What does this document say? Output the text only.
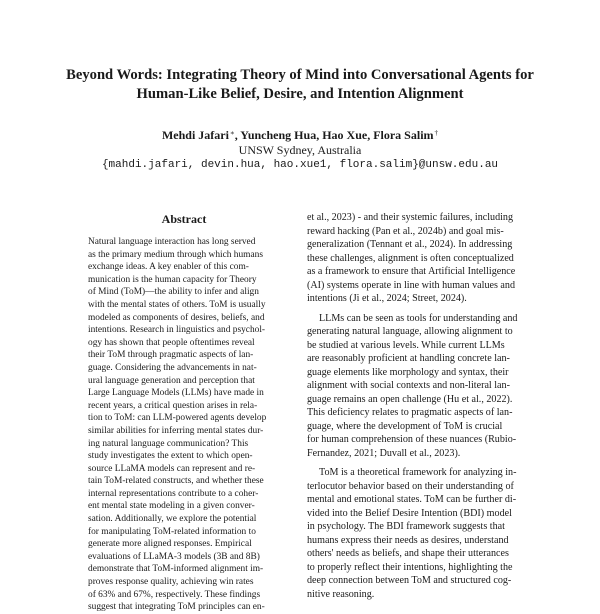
Beyond Words: Integrating Theory of Mind into Conversational Agents for
Human-Like Belief, Desire, and Intention Alignment
Mehdi Jafari∗, Yuncheng Hua, Hao Xue, Flora Salim†
UNSW Sydney, Australia
{mahdi.jafari, devin.hua, hao.xue1, flora.salim}@unsw.edu.au
Abstract
Natural language interaction has long served
as the primary medium through which humans
exchange ideas. A key enabler of this com-
munication is the human capacity for Theory
of Mind (ToM)—the ability to infer and align
with the mental states of others. ToM is usually
modeled as components of desires, beliefs, and
intentions. Research in linguistics and psychol-
ogy has shown that people oftentimes reveal
their ToM through pragmatic aspects of lan-
guage. Considering the advancements in nat-
ural language generation and perception that
Large Language Models (LLMs) have made in
recent years, a critical question arises in rela-
tion to ToM: can LLM-powered agents develop
similar abilities for inferring mental states dur-
ing natural language communication? This
study investigates the extent to which open-
source LLaMA models can represent and re-
tain ToM-related constructs, and whether these
internal representations contribute to a coher-
ent mental state modeling in a given conver-
sation. Additionally, we explore the potential
for manipulating ToM-related information to
generate more aligned responses. Empirical
evaluations of LLaMA-3 models (3B and 8B)
demonstrate that ToM-informed alignment im-
proves response quality, achieving win rates
of 63% and 67%, respectively. These findings
suggest that integrating ToM principles can en-

et al., 2023) - and their systemic failures, including
reward hacking (Pan et al., 2024b) and goal mis-
generalization (Tennant et al., 2024). In addressing
these challenges, alignment is often conceptualized
as a framework to ensure that Artificial Intelligence
(AI) systems operate in line with human values and
intentions (Ji et al., 2024; Street, 2024).

LLMs can be seen as tools for understanding and
generating natural language, allowing alignment to
be studied at various levels. While current LLMs
are reasonably proficient at handling concrete lan-
guage elements like morphology and syntax, their
alignment with social contexts and non-literal lan-
guage remains an open challenge (Hu et al., 2022).
This deficiency relates to pragmatic aspects of lan-
guage, where the development of ToM is crucial
for human comprehension of these nuances (Rubio-
Fernandez, 2021; Duvall et al., 2023).

ToM is a theoretical framework for analyzing in-
terlocutor behavior based on their understanding of
mental and emotional states. ToM can be further di-
vided into the Belief Desire Intention (BDI) model
in psychology. The BDI framework suggests that
humans express their needs as desires, understand
others' needs as beliefs, and shape their utterances
to properly reflect their intentions, highlighting the
deep connection between ToM and structured cog-
nitive reasoning.
